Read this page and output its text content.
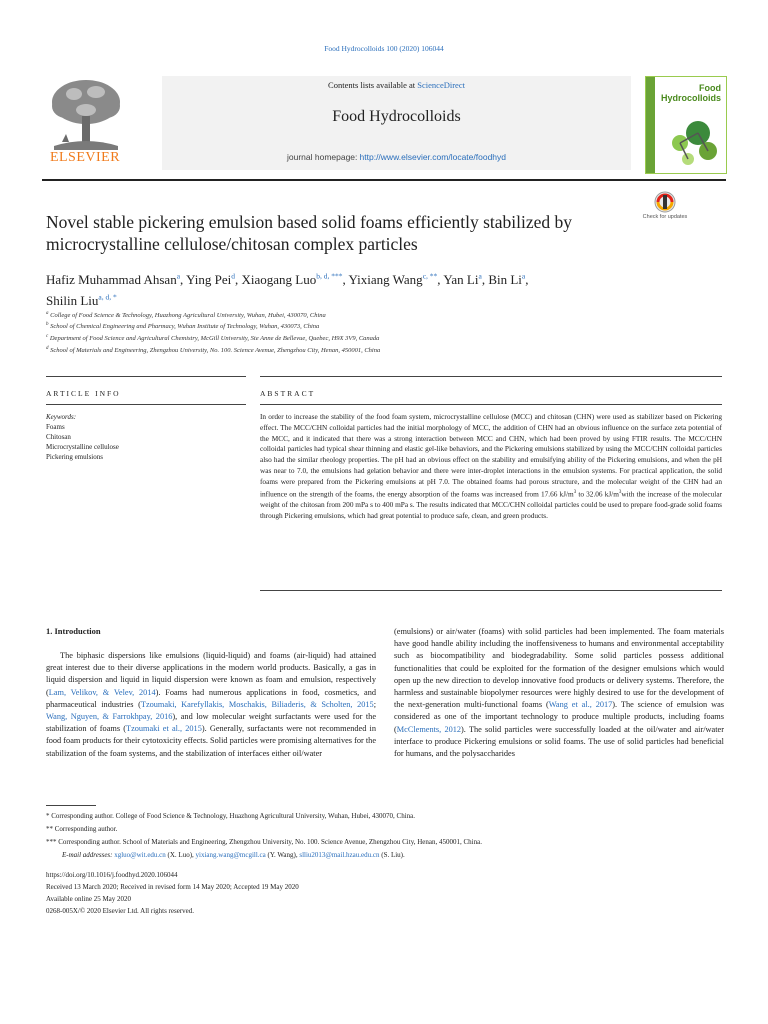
Food Hydrocolloids 100 (2020) 106044
ELSEVIER
Contents lists available at ScienceDirect
Food Hydrocolloids
journal homepage: http://www.elsevier.com/locate/foodhyd
Food
Hydrocolloids
Novel stable pickering emulsion based solid foams efficiently stabilized by microcrystalline cellulose/chitosan complex particles
Check for updates
Hafiz Muhammad Ahsan$^a$, Ying Pei$^d$, Xiaogang Luo$^{b, d, ***}$, Yixiang Wang$^{c, **}$, Yan Li$^a$, Bin Li$^a$,
Shilin Liu$^{a, d, *}$
$^a$ College of Food Science & Technology, Huazhong Agricultural University, Wuhan, Hubei, 430070, China
$^b$ School of Chemical Engineering and Pharmacy, Wuhan Institute of Technology, Wuhan, 430073, China
$^c$ Department of Food Science and Agricultural Chemistry, McGill University, Ste Anne de Bellevue, Quebec, H9X 3V9, Canada
$^d$ School of Materials and Engineering, Zhengzhou University, No. 100. Science Avenue, Zhengzhou City, Henan, 450001, China
ARTICLE INFO	ABSTRACT
Keywords:
Foams
Chitosan
Microcrystalline cellulose
Pickering emulsions
In order to increase the stability of the food foam system, microcrystalline cellulose (MCC) and chitosan (CHN) were used as stabilizer based on Pickering effect. The MCC/CHN colloidal particles had the initial morphology of MCC, the addition of CHN had an obvious influence on the surface zeta potential of the MCC, and it indicated that there was a strong interaction between MCC and CHN, which had been proved by using FTIR results. The MCC/CHN colloidal particles had typical shear thinning and elastic gel-like behaviors, and the Pickering emulsions stabilized by using the MCC/CHN colloidal particles also had the similar rheology properties. The pH had an obvious effect on the stability and emulsifying ability of the Pickering emulsions, and when the pH was near to 7.0, the emulsions had gelation behavior and there were inter-droplet interactions in the emulsion systems. For practical application, the solid foams were prepared from the Pickering emulsions at pH 7.0. The obtained foams had porous structure, and the molecular weight of the CHN had an influence on the strength of the foams, the energy absorption of the foams was increased from 17.66 $kJ/m^3$ to 32.06 $kJ/m^3with$ the increase of the molecular weight of the chitosan from 200 mPa s to 400 mPa s. The results indicated that MCC/CHN colloidal particles could be used to prepare food-grade solid foams through Pickering emulsions, which had great potential to produce safe, clean, and green products.
1. Introduction
The biphasic dispersions like emulsions (liquid-liquid) and foams (air-liquid) had attained great interest due to their diverse applications in the modern world products. Basically, a gas in liquid dispersion and liquid in liquid dispersion were known as foam and emulsion, respectively (Lam, Velikov, & Velev, 2014). Foams had numerous applications in food, cosmetics, and pharmaceutical industries (Tzoumaki, Karefyllakis, Moschakis, Biliaderis, & Scholten, 2015; Wang, Nguyen, & Farrokhpay, 2016), and low molecular weight surfactants were used for the stabilization of foams (Tzoumaki et al., 2015). Generally, surfactants were not recommended in food foam products for their cytotoxicity effects. Solid particles were promising alternatives for the stabilization of the foam systems, and the stabilization of interfaces either oil/water
(emulsions) or air/water (foams) with solid particles had been implemented. The foam materials have good handle ability including the inoffensiveness to humans and environmental acceptability such as biocompatibility and biodegradability. Some solid particles possess additional functionalities that could be exploited for the formation of the designer emulsions which would open up the new direction to develop innovative food products or delivery systems. Therefore, the harmless and sustainable biopolymer resources were highly desired to use for the development of the next-generation multi-functional foams (Wang et al., 2017). The science of emulsion was considered as one of the important technology to produce multiple products, including foams (McClements, 2012). The solid particles were successfully loaded at the oil/water and air/water interface to produce Pickering emulsions or solid foams. The use of solid particles had beneficial for humans, and the polysaccharides
* Corresponding author. College of Food Science & Technology, Huazhong Agricultural University, Wuhan, Hubei, 430070, China.
** Corresponding author.
*** Corresponding author. School of Materials and Engineering, Zhengzhou University, No. 100. Science Avenue, Zhengzhou City, Henan, 450001, China.
E-mail addresses: xgluo@wit.edu.cn (X. Luo), yixiang.wang@mcgill.ca (Y. Wang), slliu2013@mail.hzau.edu.cn (S. Liu).
https://doi.org/10.1016/j.foodhyd.2020.106044
Received 13 March 2020; Received in revised form 14 May 2020; Accepted 19 May 2020
Available online 25 May 2020
0268-005X/© 2020 Elsevier Ltd. All rights reserved.
